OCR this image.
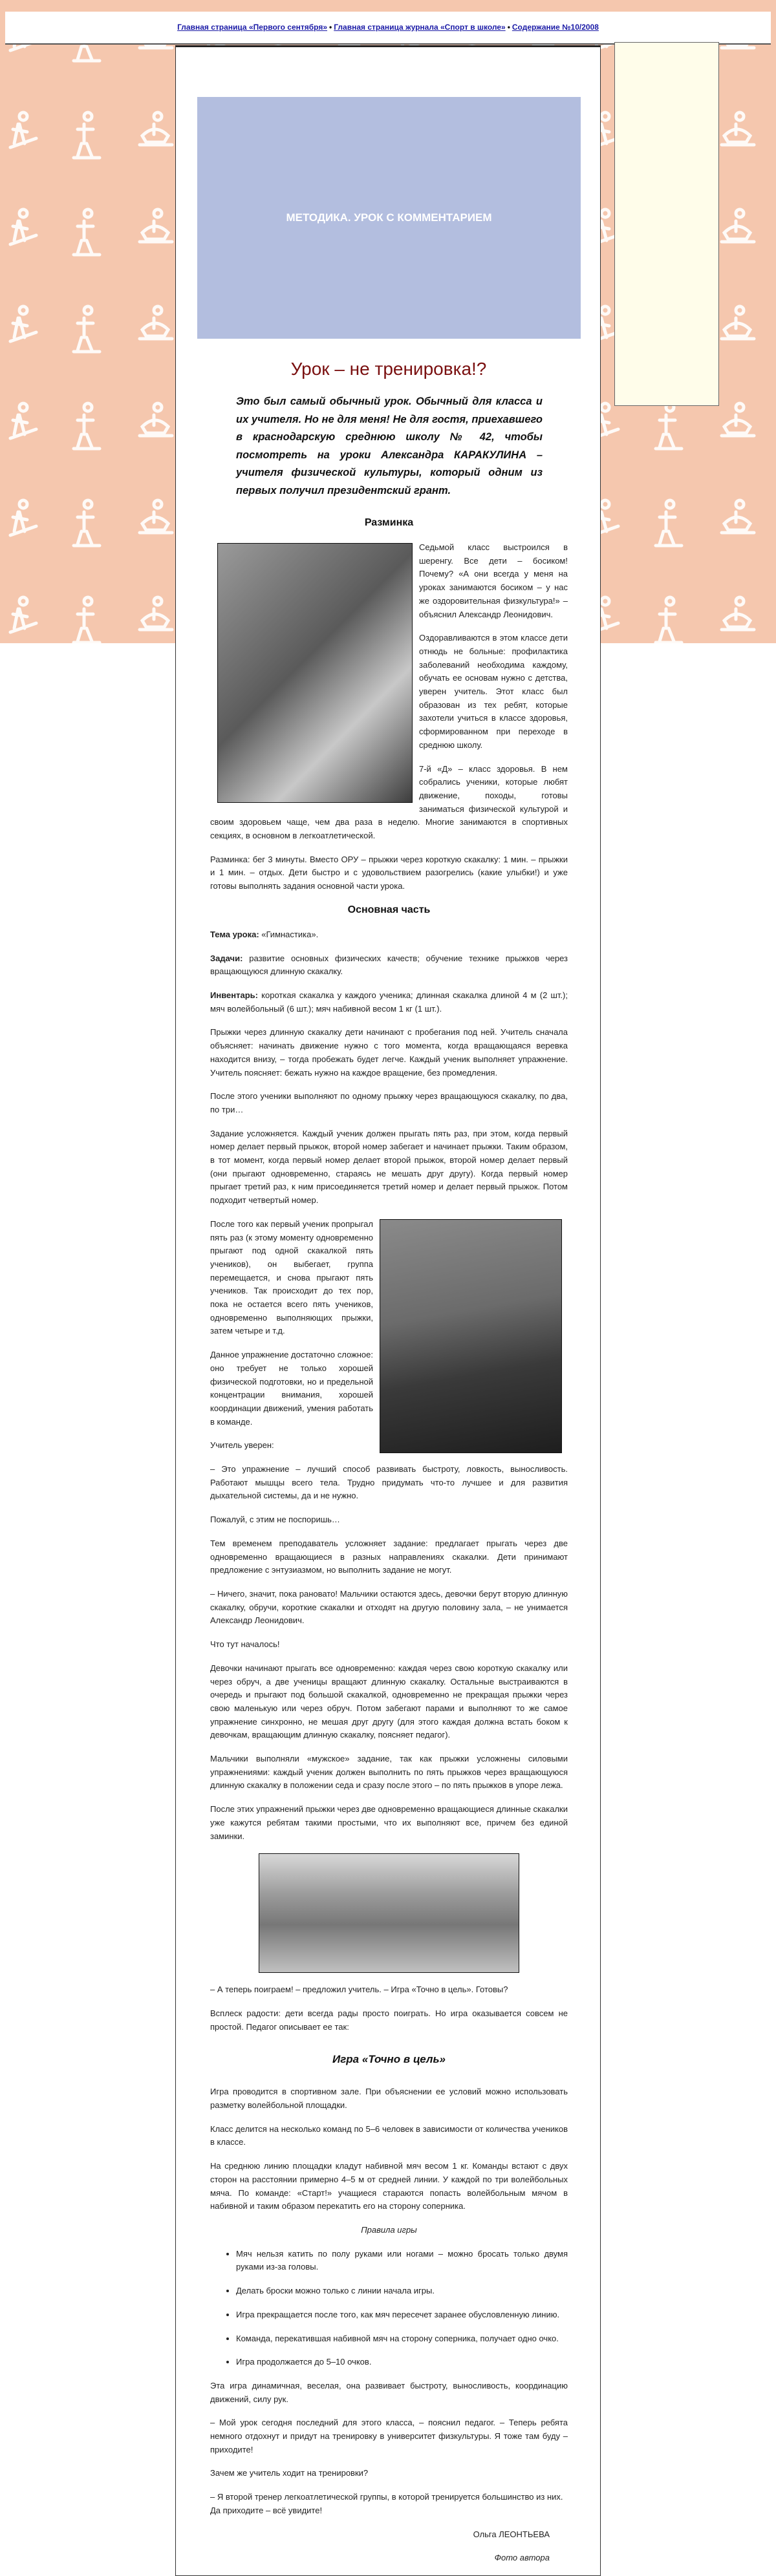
Главная страница «Первого сентября» • Главная страница журнала «Спорт в школе» • Содержание №10/2008
МЕТОДИКА. УРОК С КОММЕНТАРИЕМ
Урок – не тренировка!?
Это был самый обычный урок. Обычный для класса и их учителя. Но не для меня! Не для гостя, приехавшего в краснодарскую среднюю школу № 42, чтобы посмотреть на уроки Александра КАРАКУЛИНА – учителя физической культуры, который одним из первых получил президентский грант.
Разминка

Седьмой класс выстроился в шеренгу. Все дети – босиком! Почему? «А они всегда у меня на уроках занимаются босиком – у нас же оздоровительная физкультура!» – объяснил Александр Леонидович.

Оздоравливаются в этом классе дети отнюдь не больные: профилактика заболеваний необходима каждому, обучать ее основам нужно с детства, уверен учитель. Этот класс был образован из тех ребят, которые захотели учиться в классе здоровья, сформированном при переходе в среднюю школу.

7-й «Д» – класс здоровья. В нем собрались ученики, которые любят движение, походы, готовы заниматься физической культурой и своим здоровьем чаще, чем два раза в неделю. Многие занимаются в спортивных секциях, в основном в легкоатлетической.

Разминка: бег 3 минуты. Вместо ОРУ – прыжки через короткую скакалку: 1 мин. – прыжки и 1 мин. – отдых. Дети быстро и с удовольствием разогрелись (какие улыбки!) и уже готовы выполнять задания основной части урока.

Основная часть

Тема урока: «Гимнастика».

Задачи: развитие основных физических качеств; обучение технике прыжков через вращающуюся длинную скакалку.

Инвентарь: короткая скакалка у каждого ученика; длинная скакалка длиной 4 м (2 шт.); мяч волейбольный (6 шт.); мяч набивной весом 1 кг (1 шт.).

Прыжки через длинную скакалку дети начинают с пробегания под ней. Учитель сначала объясняет: начинать движение нужно с того момента, когда вращающаяся веревка находится внизу, – тогда пробежать будет легче. Каждый ученик выполняет упражнение. Учитель поясняет: бежать нужно на каждое вращение, без промедления.

После этого ученики выполняют по одному прыжку через вращающуюся скакалку, по два, по три…

Задание усложняется. Каждый ученик должен прыгать пять раз, при этом, когда первый номер делает первый прыжок, второй номер забегает и начинает прыжки. Таким образом, в тот момент, когда первый номер делает второй прыжок, второй номер делает первый (они прыгают одновременно, стараясь не мешать друг другу). Когда первый номер прыгает третий раз, к ним присоединяется третий номер и делает первый прыжок. Потом подходит четвертый номер.

После того как первый ученик пропрыгал пять раз (к этому моменту одновременно прыгают под одной скакалкой пять учеников), он выбегает, группа перемещается, и снова прыгают пять учеников. Так происходит до тех пор, пока не остается всего пять учеников, одновременно выполняющих прыжки, затем четыре и т.д.

Данное упражнение достаточно сложное: оно требует не только хорошей физической подготовки, но и предельной концентрации внимания, хорошей координации движений, умения работать в команде.

Учитель уверен:

– Это упражнение – лучший способ развивать быстроту, ловкость, выносливость. Работают мышцы всего тела. Трудно придумать что-то лучшее и для развития дыхательной системы, да и не нужно.

Пожалуй, с этим не поспоришь…

Тем временем преподаватель усложняет задание: предлагает прыгать через две одновременно вращающиеся в разных направлениях скакалки. Дети принимают предложение с энтузиазмом, но выполнить задание не могут.

– Ничего, значит, пока рановато! Мальчики остаются здесь, девочки берут вторую длинную скакалку, обручи, короткие скакалки и отходят на другую половину зала, – не унимается Александр Леонидович.

Что тут началось!

Девочки начинают прыгать все одновременно: каждая через свою короткую скакалку или через обруч, а две ученицы вращают длинную скакалку. Остальные выстраиваются в очередь и прыгают под большой скакалкой, одновременно не прекращая прыжки через свою маленькую или через обруч. Потом забегают парами и выполняют то же самое упражнение синхронно, не мешая друг другу (для этого каждая должна встать боком к девочкам, вращающим длинную скакалку, поясняет педагог).

Мальчики выполняли «мужское» задание, так как прыжки усложнены силовыми упражнениями: каждый ученик должен выполнить по пять прыжков через вращающуюся длинную скакалку в положении седа и сразу после этого – по пять прыжков в упоре лежа.

После этих упражнений прыжки через две одновременно вращающиеся длинные скакалки уже кажутся ребятам такими простыми, что их выполняют все, причем без единой заминки.

– А теперь поиграем! – предложил учитель. – Игра «Точно в цель». Готовы?

Всплеск радости: дети всегда рады просто поиграть. Но игра оказывается совсем не простой. Педагог описывает ее так:

Игра «Точно в цель»

Игра проводится в спортивном зале. При объяснении ее условий можно использовать разметку волейбольной площадки.

Класс делится на несколько команд по 5–6 человек в зависимости от количества учеников в классе.

На среднюю линию площадки кладут набивной мяч весом 1 кг. Команды встают с двух сторон на расстоянии примерно 4–5 м от средней линии. У каждой по три волейбольных мяча. По команде: «Старт!» учащиеся стараются попасть волейбольным мячом в набивной и таким образом перекатить его на сторону соперника.

Правила игры

• Мяч нельзя катить по полу руками или ногами – можно бросать только двумя руками из-за головы.
• Делать броски можно только с линии начала игры.
• Игра прекращается после того, как мяч пересечет заранее обусловленную линию.
• Команда, перекатившая набивной мяч на сторону соперника, получает одно очко.
• Игра продолжается до 5–10 очков.

Эта игра динамичная, веселая, она развивает быстроту, выносливость, координацию движений, силу рук.

– Мой урок сегодня последний для этого класса, – пояснил педагог. – Теперь ребята немного отдохнут и придут на тренировку в университет физкультуры. Я тоже там буду – приходите!

Зачем же учитель ходит на тренировки?

– Я второй тренер легкоатлетической группы, в которой тренируется большинство из них. Да приходите – всё увидите!

Ольга ЛЕОНТЬЕВА

Фото автора
